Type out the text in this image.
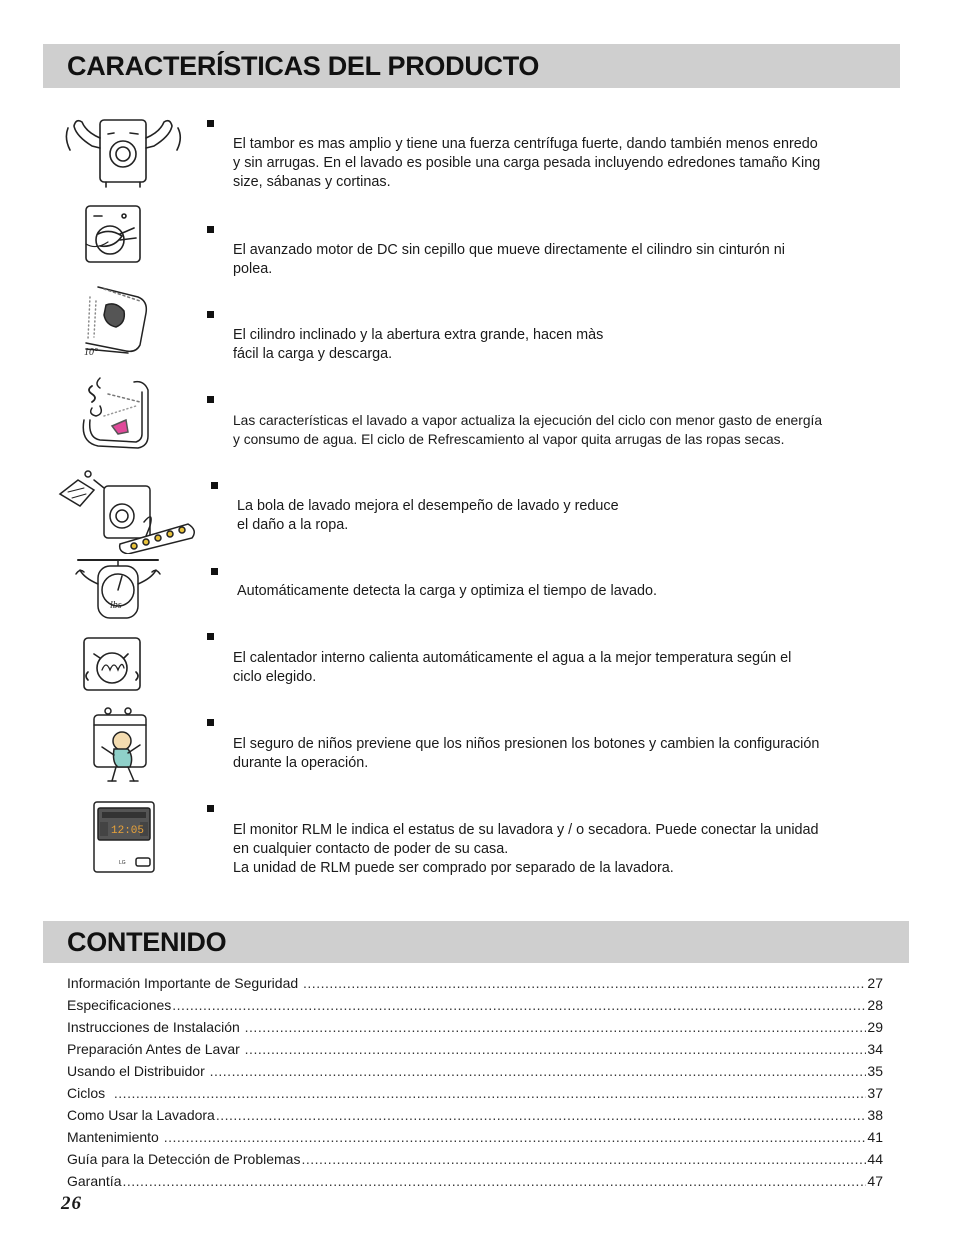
CARACTERÍSTICAS DEL PRODUCTO
El tambor es mas amplio y tiene una fuerza centrífuga fuerte, dando también menos enredo
y sin arrugas. En el lavado es posible una carga pesada incluyendo edredones tamaño King
size, sábanas y cortinas.
El avanzado motor de DC sin cepillo que mueve directamente el cilindro sin cinturón ni
polea.
10°
El cilindro inclinado y la abertura extra grande, hacen màs
fácil la carga y descarga.
Las características el lavado a vapor actualiza la ejecución del ciclo con menor gasto de energía
y consumo de agua. El ciclo de Refrescamiento al vapor quita arrugas de las ropas secas.
La bola de lavado mejora el desempeño de lavado y reduce
el daño a la ropa.
lbs
Automáticamente detecta la carga y optimiza el tiempo de lavado.
El calentador interno calienta automáticamente el agua a la mejor temperatura según el
ciclo elegido.
El seguro de niños previene que los niños presionen los botones y cambien la configuración
durante la operación.
12:05
LG
El monitor RLM le indica el estatus de su lavadora y / o secadora. Puede conectar la unidad
en cualquier contacto de poder de su casa.
La unidad de RLM puede ser comprado por separado de la lavadora.
CONTENIDO
Información Importante de Seguridad .....	27
Especificaciones .....	28
Instrucciones de Instalación .....	29
Preparación Antes de Lavar .....	34
Usando el Distribuidor .....	35
Ciclos .....	37
Como Usar la Lavadora .....	38
Mantenimiento .....	41
Guía para la Detección de Problemas .....	44
Garantía .....	47
26
